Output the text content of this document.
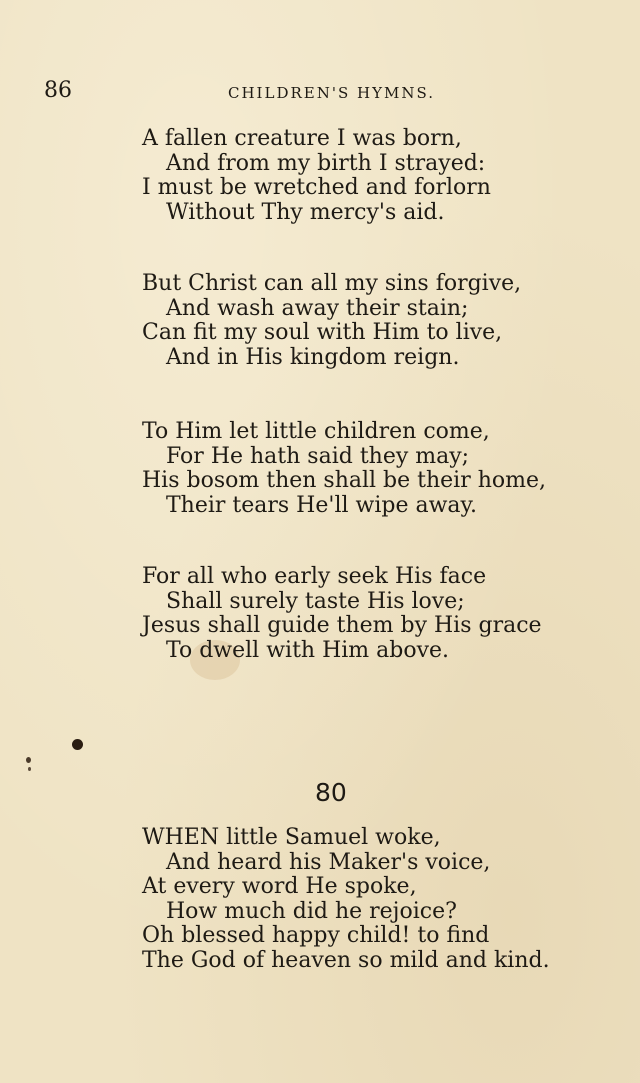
86	CHILDREN'S HYMNS.
A fallen creature I was born,
And from my birth I strayed:
I must be wretched and forlorn
Without Thy mercy's aid.
But Christ can all my sins forgive,
And wash away their stain;
Can fit my soul with Him to live,
And in His kingdom reign.
To Him let little children come,
For He hath said they may;
His bosom then shall be their home,
Their tears He'll wipe away.
For all who early seek His face
Shall surely taste His love;
Jesus shall guide them by His grace
To dwell with Him above.
80
WHEN little Samuel woke,
And heard his Maker's voice,
At every word He spoke,
How much did he rejoice?
Oh blessed happy child! to find
The God of heaven so mild and kind.
